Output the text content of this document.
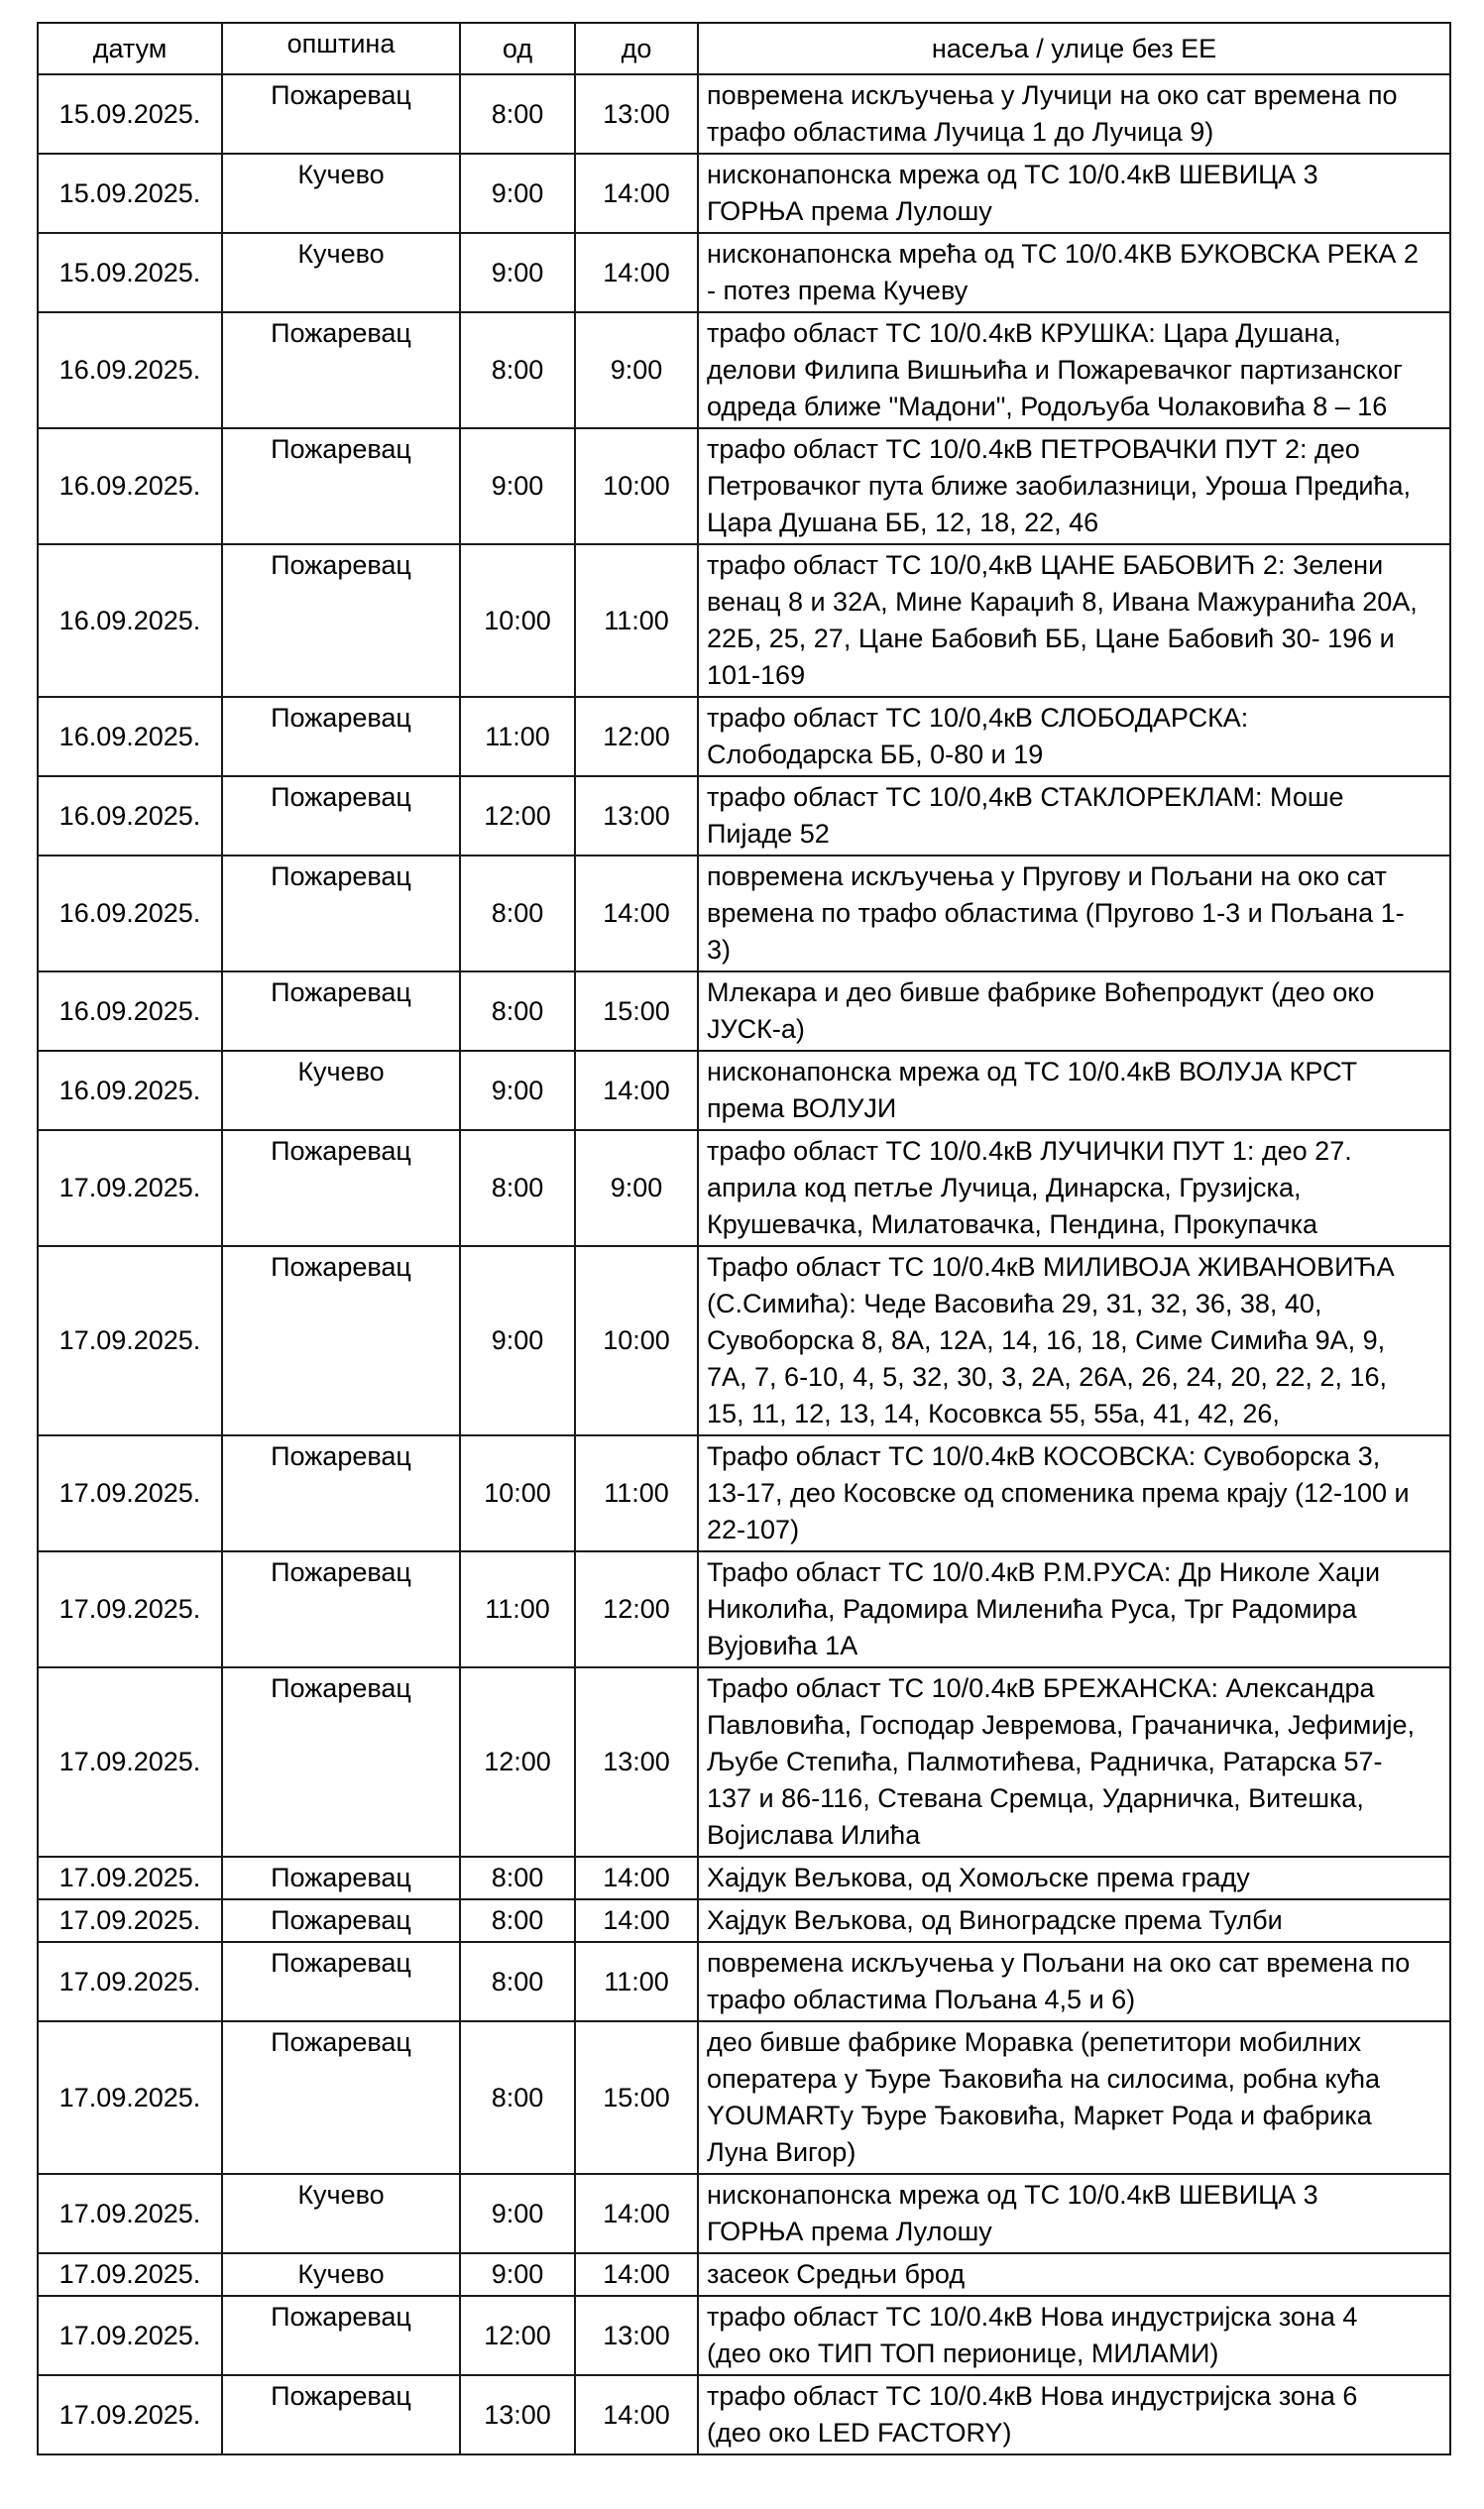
датум	општина	од	до	насеља / улице без ЕЕ
15.09.2025.	Пожаревац	8:00	13:00	повремена искључења у Лучици на око сат времена по
трафо областима Лучица 1 до Лучица 9)
15.09.2025.	Кучево	9:00	14:00	нисконапонска мрежа од ТС 10/0.4кВ ШЕВИЦА 3
ГОРЊА према Лулошу
15.09.2025.	Кучево	9:00	14:00	нисконапонска мрећа од ТС 10/0.4КВ БУКОВСКА РЕКА 2
- потез према Кучеву
16.09.2025.	Пожаревац	8:00	9:00	трафо област ТС 10/0.4кВ КРУШКА: Цара Душана,
делови Филипа Вишњића и Пожаревачког партизанског
одреда ближе "Мадони", Родољуба Чолаковића 8 – 16
16.09.2025.	Пожаревац	9:00	10:00	трафо област ТС 10/0.4кВ ПЕТРОВАЧКИ ПУТ 2: део
Петровачког пута ближе заобилазници, Уроша Предића,
Цара Душана ББ, 12, 18, 22, 46
16.09.2025.	Пожаревац	10:00	11:00	трафо област ТС 10/0,4кВ ЦАНЕ БАБОВИЋ 2: Зелени
венац 8 и 32А, Мине Караџић 8, Ивана Мажуранића 20А,
22Б, 25, 27, Цане Бабовић ББ, Цане Бабовић 30- 196 и
101-169
16.09.2025.	Пожаревац	11:00	12:00	трафо област ТС 10/0,4кВ СЛОБОДАРСКА:
Слободарска ББ, 0-80 и 19
16.09.2025.	Пожаревац	12:00	13:00	трафо област ТС 10/0,4кВ СТАКЛОРЕКЛАМ: Моше
Пијаде 52
16.09.2025.	Пожаревац	8:00	14:00	повремена искључења у Пругову и Пољани на око сат
времена по трафо областима (Пругово 1-3 и Пољана 1-
3)
16.09.2025.	Пожаревац	8:00	15:00	Млекара и део бивше фабрике Воћепродукт (део око
ЈУСК-а)
16.09.2025.	Кучево	9:00	14:00	нисконапонска мрежа од ТС 10/0.4кВ ВОЛУЈА КРСТ
према ВОЛУЈИ
17.09.2025.	Пожаревац	8:00	9:00	трафо област ТС 10/0.4кВ ЛУЧИЧКИ ПУТ 1: део 27.
априла код петље Лучица, Динарска, Грузијска,
Крушевачка, Милатовачка, Пендина, Прокупачка
17.09.2025.	Пожаревац	9:00	10:00	Трафо област ТС 10/0.4кВ МИЛИВОЈА ЖИВАНОВИЋА
(С.Симића): Чеде Васовића 29, 31, 32, 36, 38, 40,
Сувоборска 8, 8А, 12А, 14, 16, 18, Симе Симића 9А, 9,
7А, 7, 6-10, 4, 5, 32, 30, 3, 2А, 26А, 26, 24, 20, 22, 2, 16,
15, 11, 12, 13, 14, Косовкса 55, 55а, 41, 42, 26,
17.09.2025.	Пожаревац	10:00	11:00	Трафо област ТС 10/0.4кВ КОСОВСКА: Сувоборска 3,
13-17, део Косовске од споменика према крају (12-100 и
22-107)
17.09.2025.	Пожаревац	11:00	12:00	Трафо област ТС 10/0.4кВ Р.М.РУСА: Др Николе Хаџи
Николића, Радомира Миленића Руса, Трг Радомира
Вујовића 1А
17.09.2025.	Пожаревац	12:00	13:00	Трафо област ТС 10/0.4кВ БРЕЖАНСКА: Александра
Павловића, Господар Јевремова, Грачаничка, Јефимије,
Љубе Степића, Палмотићева, Радничка, Ратарска 57-
137 и 86-116, Стевана Сремца, Ударничка, Витешка,
Војислава Илића
17.09.2025.	Пожаревац	8:00	14:00	Хајдук Вељкова, од Хомољске према граду
17.09.2025.	Пожаревац	8:00	14:00	Хајдук Вељкова, од Виноградске према Тулби
17.09.2025.	Пожаревац	8:00	11:00	повремена искључења у Пољани на око сат времена по
трафо областима Пољана 4,5 и 6)
17.09.2025.	Пожаревац	8:00	15:00	део бивше фабрике Моравка (репетитори мобилних
оператера у Ђуре Ђаковића на силосима, робна кућа
YOUMARTу Ђуре Ђаковића, Маркет Рода и фабрика
Луна Вигор)
17.09.2025.	Кучево	9:00	14:00	нисконапонска мрежа од ТС 10/0.4кВ ШЕВИЦА 3
ГОРЊА према Лулошу
17.09.2025.	Кучево	9:00	14:00	засеок Средњи брод
17.09.2025.	Пожаревац	12:00	13:00	трафо област ТС 10/0.4кВ Нова индустријска зона 4
(део око ТИП ТОП перионице, МИЛАМИ)
17.09.2025.	Пожаревац	13:00	14:00	трафо област ТС 10/0.4кВ Нова индустријска зона 6
(део око LED FACTORY)
